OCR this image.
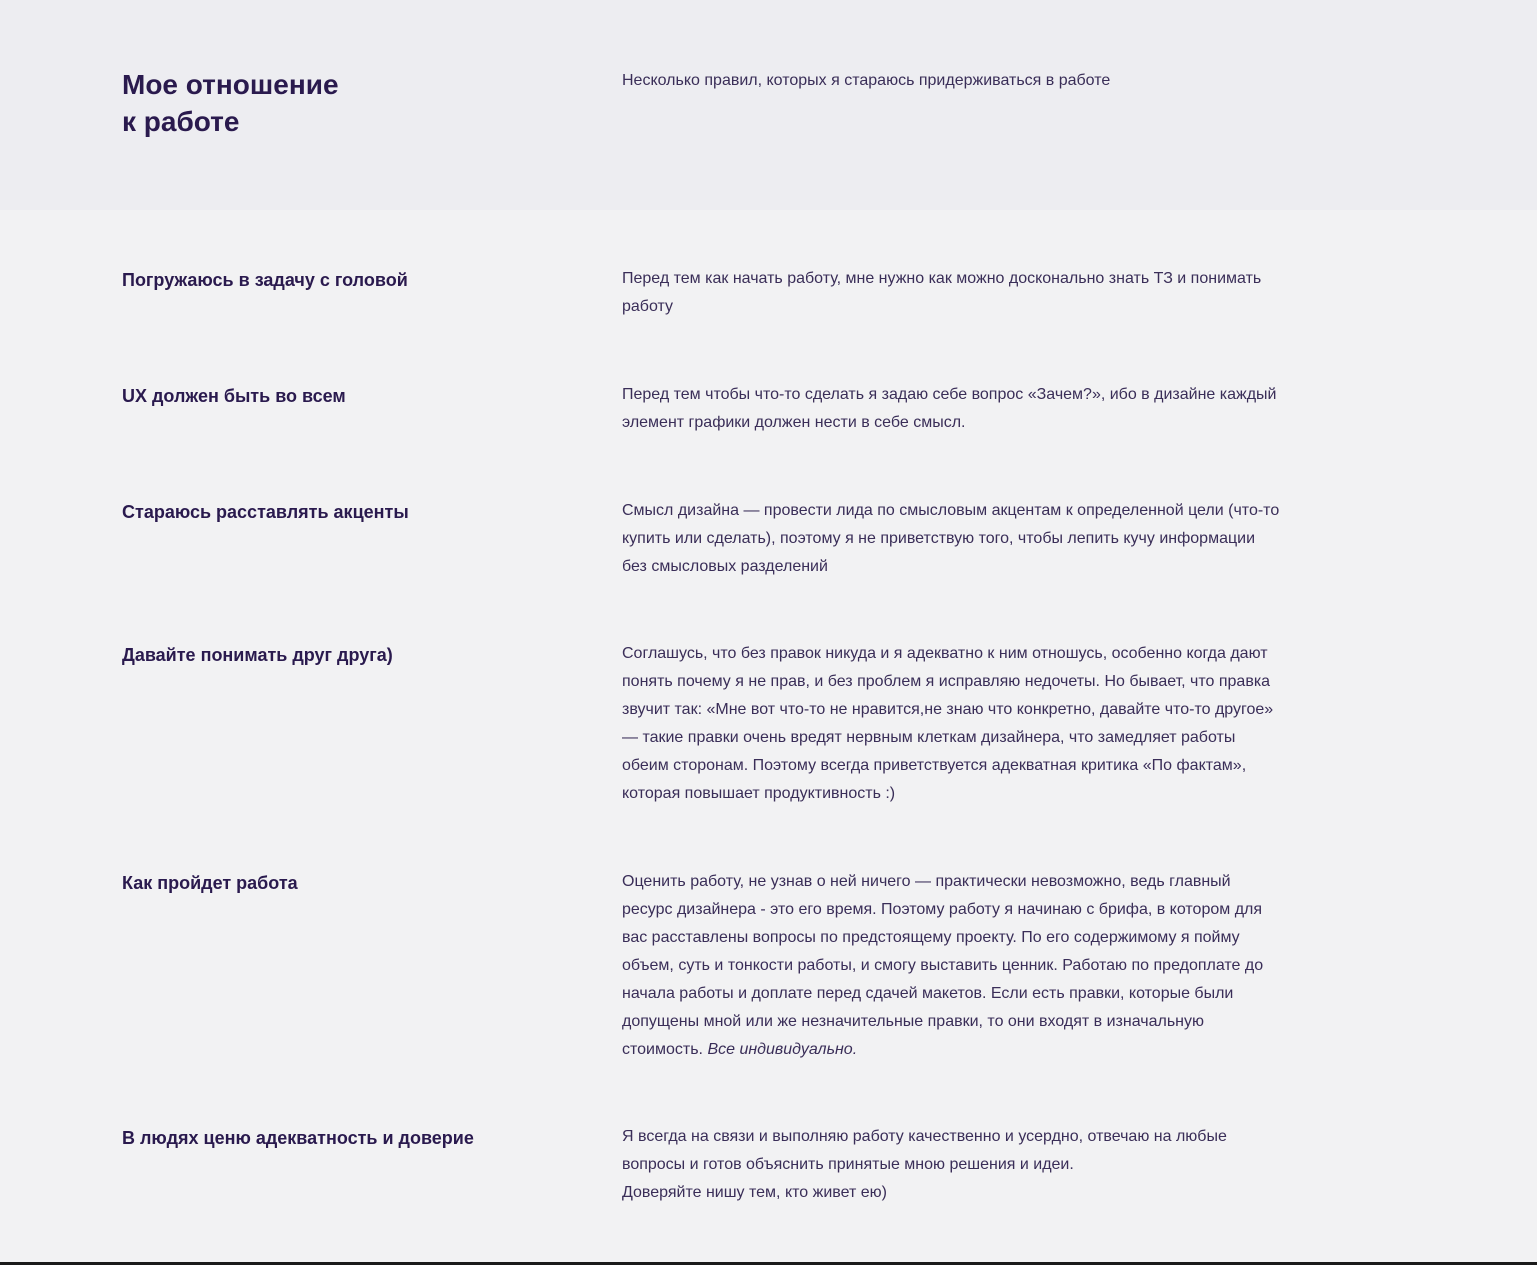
Мое отношение
к работе

Несколько правил, которых я стараюсь придерживаться в работе

Погружаюсь в задачу с головой	Перед тем как начать работу, мне нужно как можно досконально знать ТЗ и понимать работу

UX должен быть во всем	Перед тем чтобы что-то сделать я задаю себе вопрос «Зачем?», ибо в дизайне каждый элемент графики должен нести в себе смысл.

Стараюсь расставлять акценты	Смысл дизайна — провести лида по смысловым акцентам к определенной цели (что-то купить или сделать), поэтому я не приветствую того, чтобы лепить кучу информации без смысловых разделений

Давайте понимать друг друга)	Соглашусь, что без правок никуда и я адекватно к ним отношусь, особенно когда дают понять почему я не прав, и без проблем я исправляю недочеты. Но бывает, что правка звучит так: «Мне вот что-то не нравится,не знаю что конкретно, давайте что-то другое» — такие правки очень вредят нервным клеткам дизайнера, что замедляет работы обеим сторонам. Поэтому всегда приветствуется адекватная критика «По фактам», которая повышает продуктивность :)

Как пройдет работа	Оценить работу, не узнав о ней ничего — практически невозможно, ведь главный ресурс дизайнера - это его время. Поэтому работу я начинаю с брифа, в котором для вас расставлены вопросы по предстоящему проекту. По его содержимому я пойму объем, суть и тонкости работы, и смогу выставить ценник. Работаю по предоплате до начала работы и доплате перед сдачей макетов. Если есть правки, которые были допущены мной или же незначительные правки, то они входят в изначальную стоимость. Все индивидуально.

В людях ценю адекватность и доверие	Я всегда на связи и выполняю работу качественно и усердно, отвечаю на любые вопросы и готов объяснить принятые мною решения и идеи.
Доверяйте нишу тем, кто живет ею)
